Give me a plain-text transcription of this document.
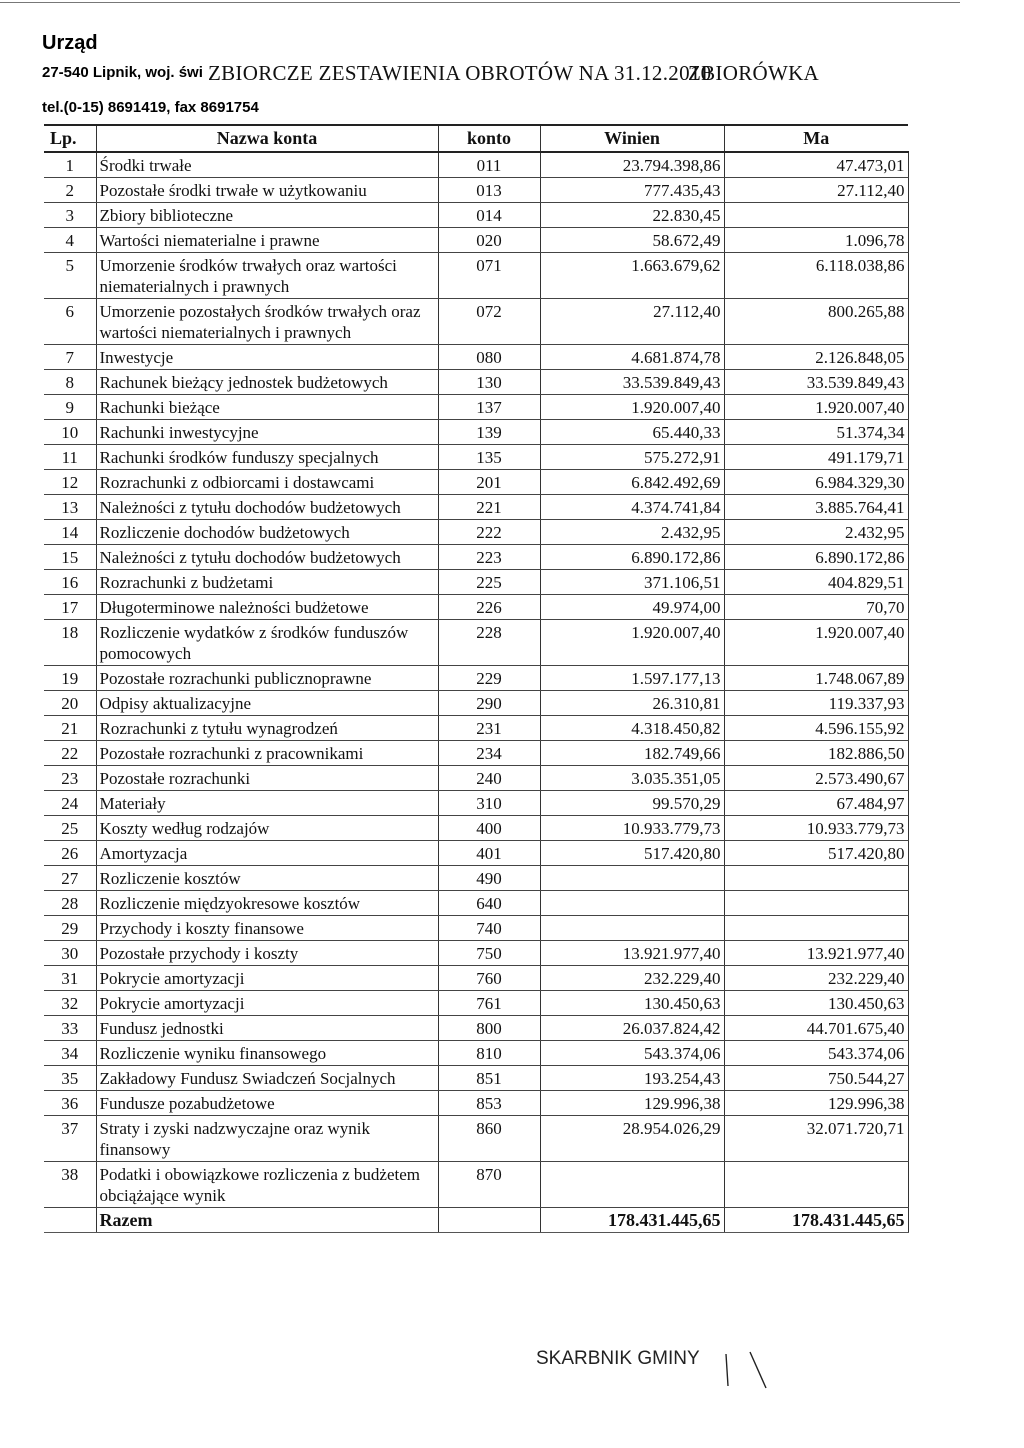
Urząd
27-540 Lipnik, woj. świ
tel.(0-15) 8691419, fax 8691754
ZBIORCZE ZESTAWIENIA OBROTÓW NA 31.12.2010
ZBIORÓWKA
Lp.	Nazwa konta	konto	Winien	Ma
1	Środki trwałe	011	23.794.398,86	47.473,01
2	Pozostałe środki trwałe w użytkowaniu	013	777.435,43	27.112,40
3	Zbiory biblioteczne	014	22.830,45	
4	Wartości niematerialne i prawne	020	58.672,49	1.096,78
5	Umorzenie środków trwałych oraz wartości niematerialnych i prawnych	071	1.663.679,62	6.118.038,86
6	Umorzenie pozostałych środków trwałych oraz wartości niematerialnych i prawnych	072	27.112,40	800.265,88
7	Inwestycje	080	4.681.874,78	2.126.848,05
8	Rachunek bieżący jednostek budżetowych	130	33.539.849,43	33.539.849,43
9	Rachunki bieżące	137	1.920.007,40	1.920.007,40
10	Rachunki inwestycyjne	139	65.440,33	51.374,34
11	Rachunki środków funduszy specjalnych	135	575.272,91	491.179,71
12	Rozrachunki z odbiorcami i dostawcami	201	6.842.492,69	6.984.329,30
13	Należności z tytułu dochodów budżetowych	221	4.374.741,84	3.885.764,41
14	Rozliczenie dochodów budżetowych	222	2.432,95	2.432,95
15	Należności z tytułu dochodów budżetowych	223	6.890.172,86	6.890.172,86
16	Rozrachunki z budżetami	225	371.106,51	404.829,51
17	Długoterminowe należności budżetowe	226	49.974,00	70,70
18	Rozliczenie wydatków z środków funduszów pomocowych	228	1.920.007,40	1.920.007,40
19	Pozostałe rozrachunki publicznoprawne	229	1.597.177,13	1.748.067,89
20	Odpisy aktualizacyjne	290	26.310,81	119.337,93
21	Rozrachunki z tytułu wynagrodzeń	231	4.318.450,82	4.596.155,92
22	Pozostałe rozrachunki z pracownikami	234	182.749,66	182.886,50
23	Pozostałe rozrachunki	240	3.035.351,05	2.573.490,67
24	Materiały	310	99.570,29	67.484,97
25	Koszty według rodzajów	400	10.933.779,73	10.933.779,73
26	Amortyzacja	401	517.420,80	517.420,80
27	Rozliczenie kosztów	490		
28	Rozliczenie międzyokresowe kosztów	640		
29	Przychody i koszty finansowe	740		
30	Pozostałe przychody i koszty	750	13.921.977,40	13.921.977,40
31	Pokrycie amortyzacji	760	232.229,40	232.229,40
32	Pokrycie amortyzacji	761	130.450,63	130.450,63
33	Fundusz jednostki	800	26.037.824,42	44.701.675,40
34	Rozliczenie wyniku finansowego	810	543.374,06	543.374,06
35	Zakładowy Fundusz Swiadczeń Socjalnych	851	193.254,43	750.544,27
36	Fundusze pozabudżetowe	853	129.996,38	129.996,38
37	Straty i zyski nadzwyczajne oraz wynik finansowy	860	28.954.026,29	32.071.720,71
38	Podatki i obowiązkowe rozliczenia z budżetem obciążające wynik	870		
	Razem		178.431.445,65	178.431.445,65
SKARBNIK GMINY
